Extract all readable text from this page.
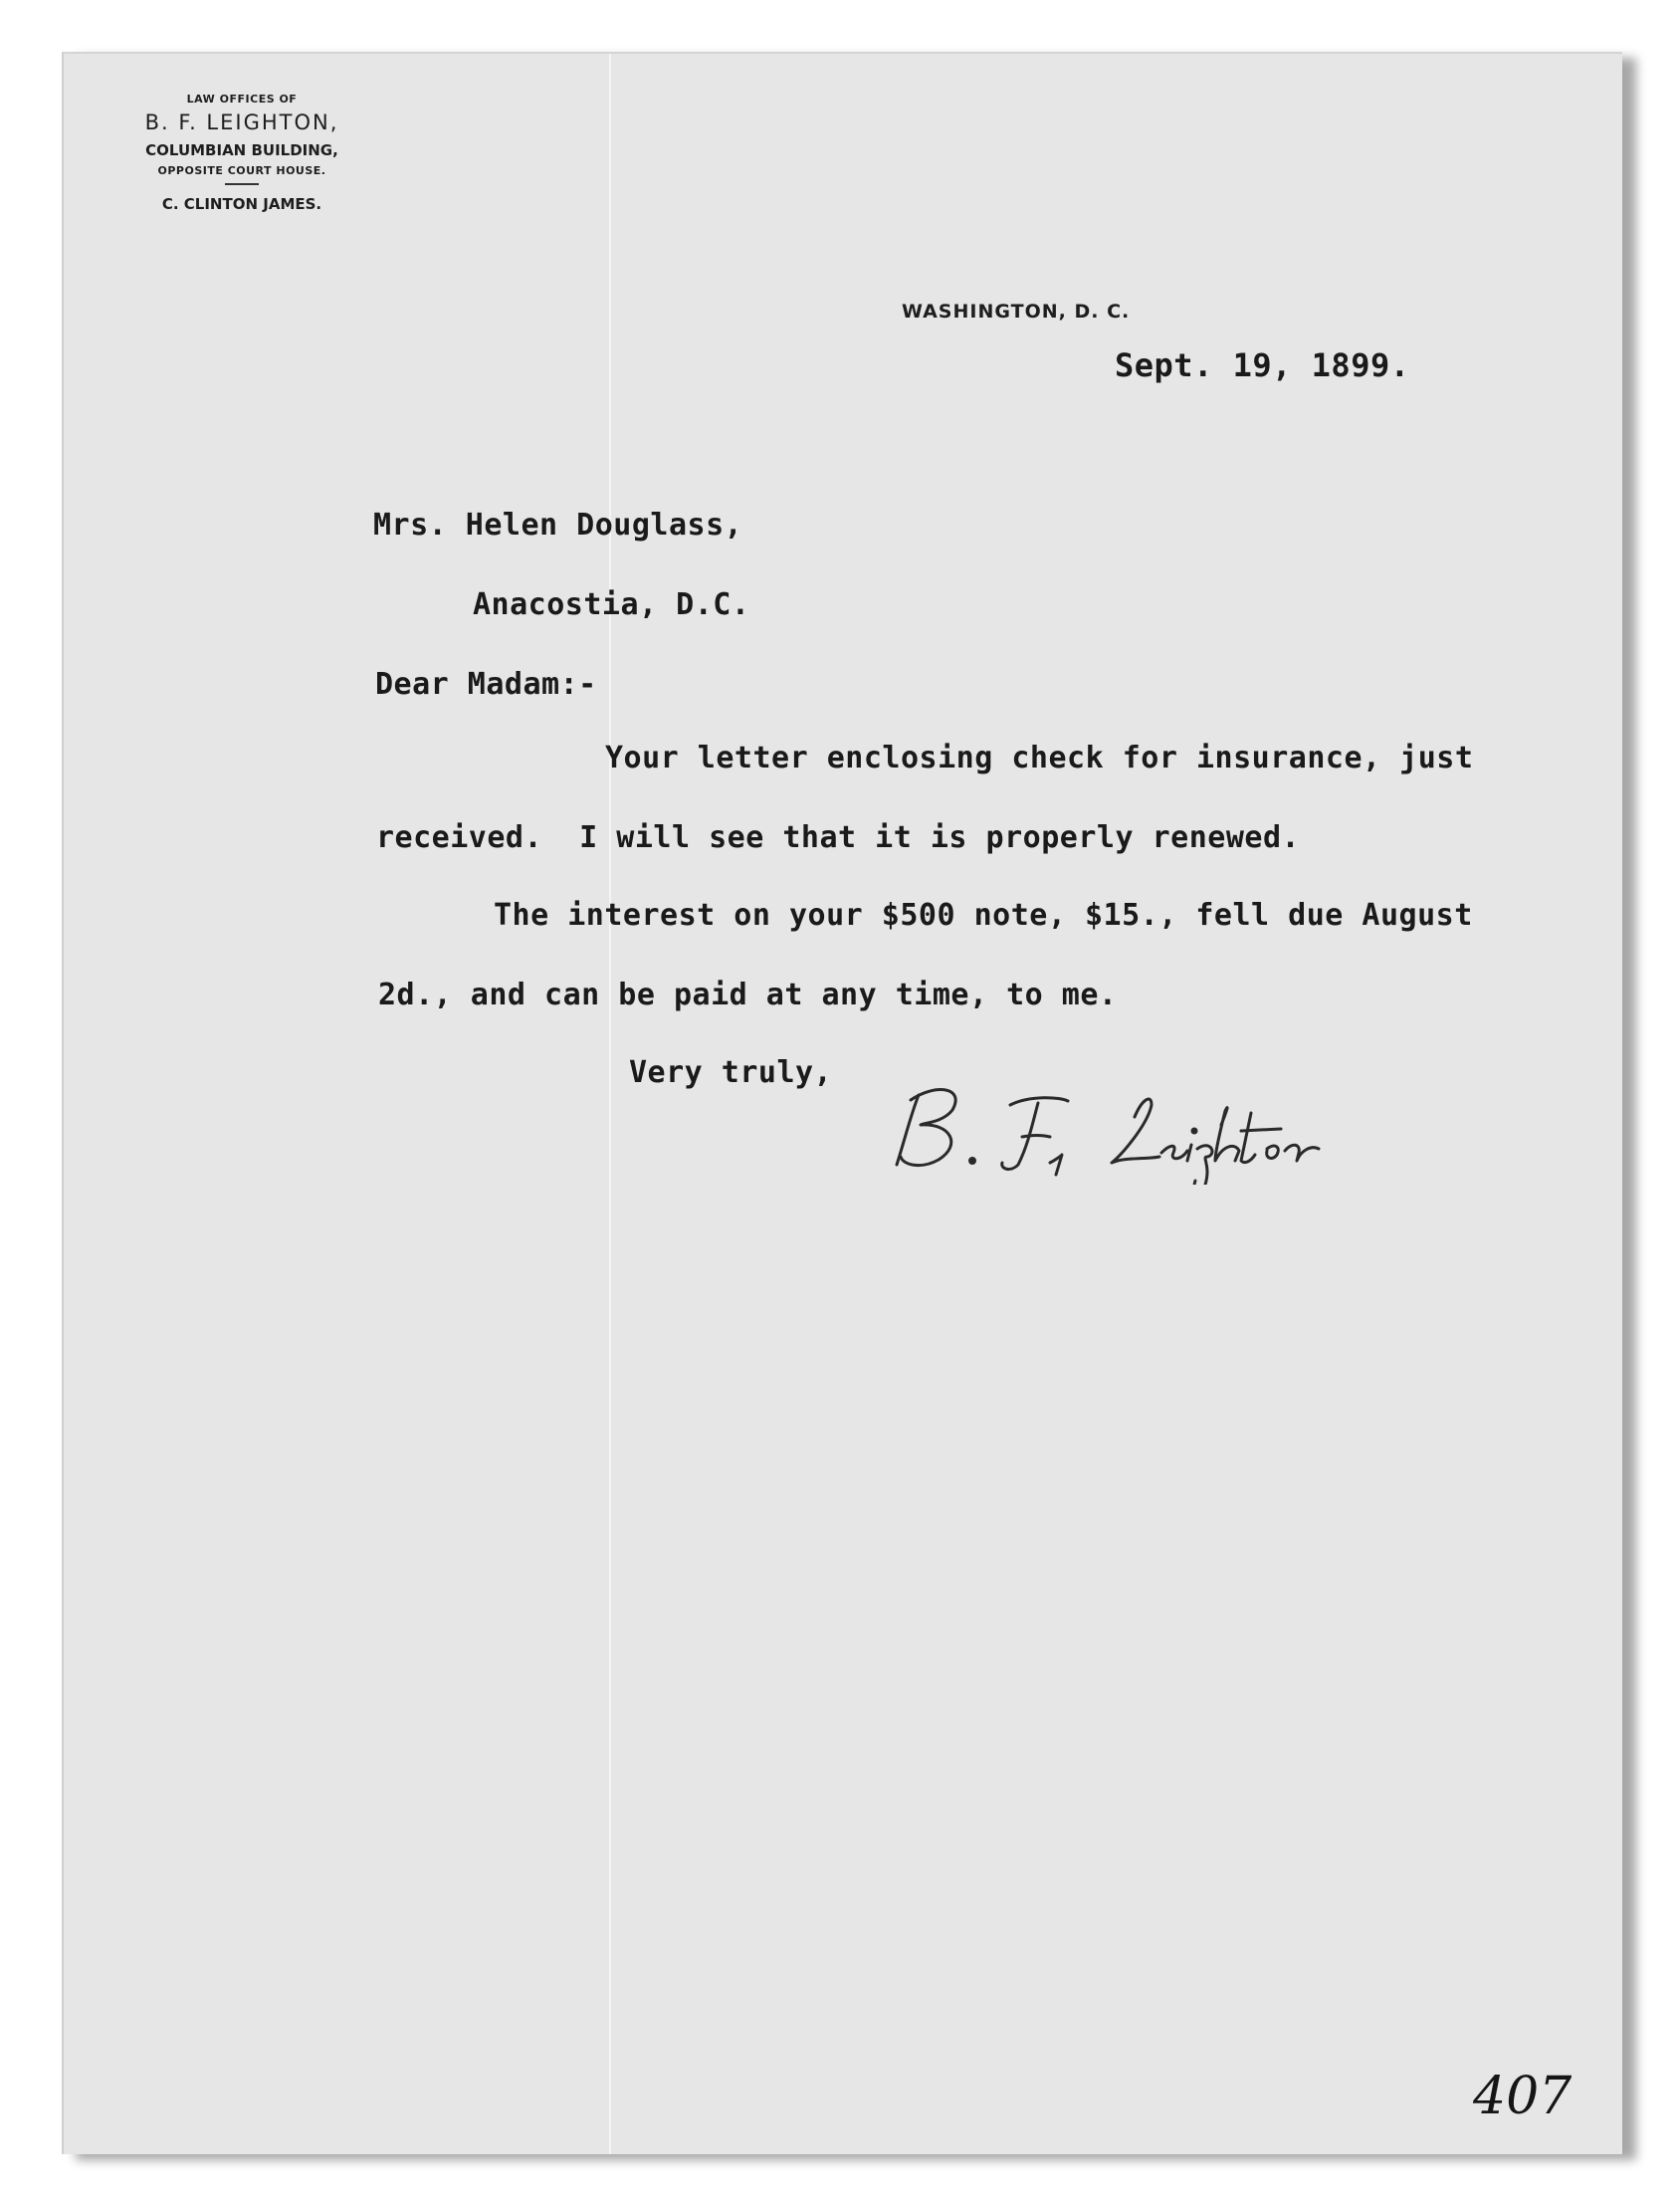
LAW OFFICES OF
B. F. LEIGHTON,
COLUMBIAN BUILDING,
OPPOSITE COURT HOUSE.
C. CLINTON JAMES.
WASHINGTON, D. C.
Sept. 19, 1899.
Mrs. Helen Douglass,
Anacostia, D.C.
Dear Madam:-
Your letter enclosing check for insurance, just
received.  I will see that it is properly renewed.
The interest on your $500 note, $15., fell due August
2d., and can be paid at any time, to me.
Very truly,
407
